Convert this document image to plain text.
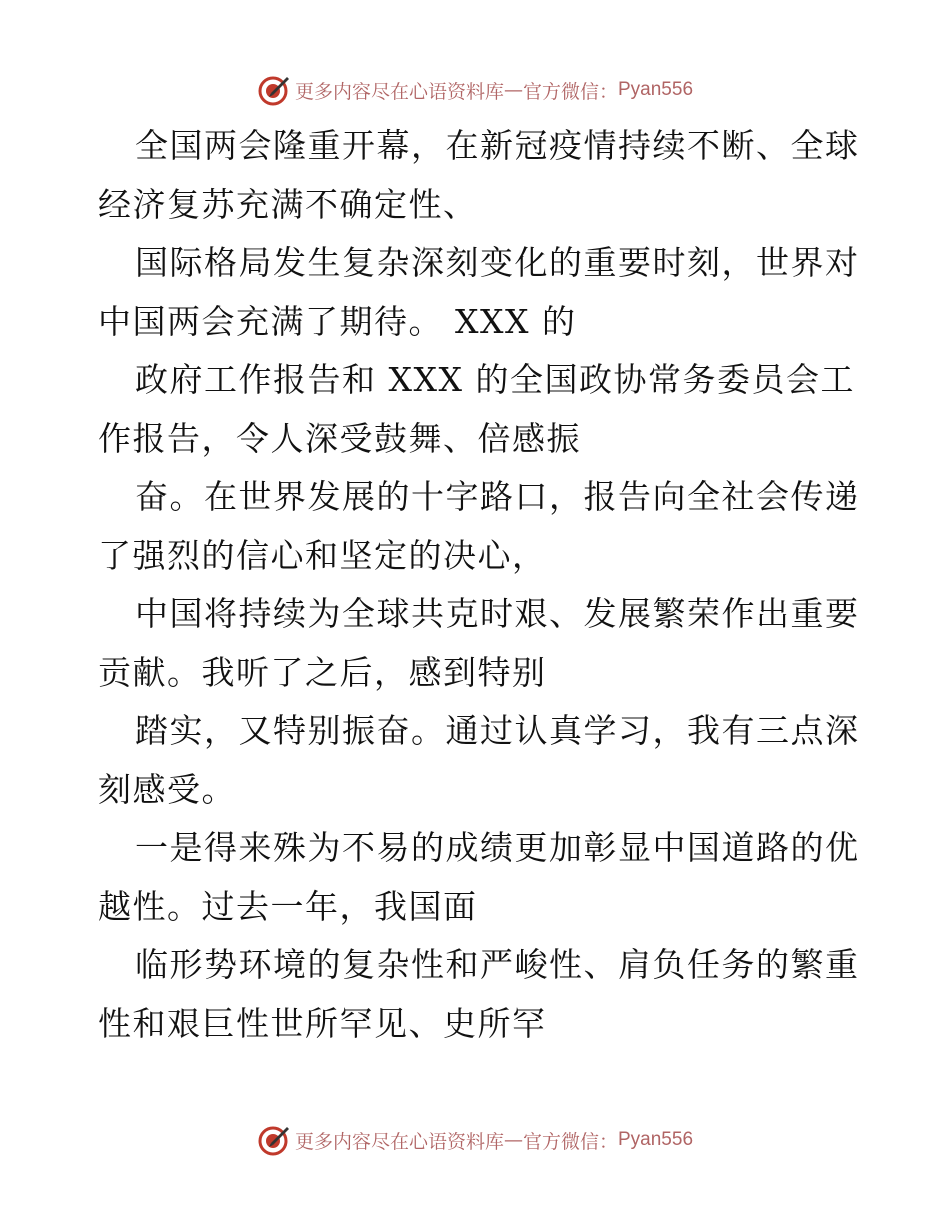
更多内容尽在心语资料库 — 官方微信： Pyan556
全国两会隆重开幕，在新冠疫情持续不断、全球
经济复苏充满不确定性、
国际格局发生复杂深刻变化的重要时刻，世界对
中国两会充满了期待。 XXX 的
政府工作报告和 XXX 的全国政协常务委员会工
作报告，令人深受鼓舞、倍感振
奋。在世界发展的十字路口，报告向全社会传递
了强烈的信心和坚定的决心，
中国将持续为全球共克时艰、发展繁荣作出重要
贡献。我听了之后，感到特别
踏实，又特别振奋。通过认真学习，我有三点深
刻感受。
一是得来殊为不易的成绩更加彰显中国道路的优
越性。过去一年，我国面
临形势环境的复杂性和严峻性、肩负任务的繁重
性和艰巨性世所罕见、史所罕
更多内容尽在心语资料库 — 官方微信： Pyan556
